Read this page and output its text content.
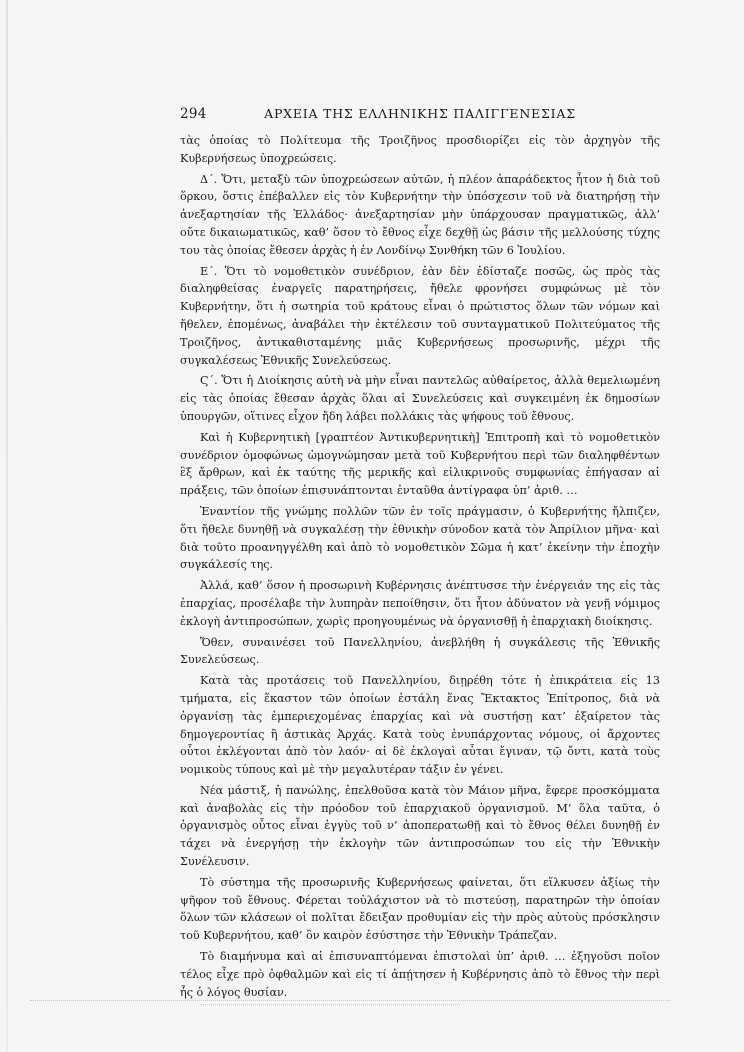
294	ΑΡΧΕΙΑ ΤΗΣ ΕΛΛΗΝΙΚΗΣ ΠΑΛΙΓΓΕΝΕΣΙΑΣ

τὰς ὁποίας τὸ Πολίτευμα τῆς Τροιζῆνος προσδιορίζει εἰς τὸν ἀρχηγὸν τῆς Κυβερνήσεως ὑποχρεώσεις.

Δ΄. Ὅτι, μεταξὺ τῶν ὑποχρεώσεων αὐτῶν, ἡ πλέον ἀπαράδεκτος ἦτον ἡ διὰ τοῦ ὅρκου, ὅστις ἐπέβαλλεν εἰς τὸν Κυβερνήτην τὴν ὑπόσχεσιν τοῦ νὰ διατηρήσῃ τὴν ἀνεξαρτησίαν τῆς Ἑλλάδος· ἀνεξαρτησίαν μὴν ὑπάρχουσαν πραγματικῶς, ἀλλ’ οὔτε δικαιωματικῶς, καθ’ ὅσον τὸ ἔθνος εἶχε δεχθῇ ὡς βάσιν τῆς μελλούσης τύχης του τὰς ὁποίας ἔθεσεν ἀρχὰς ἡ ἐν Λονδίνῳ Συνθήκη τῶν 6 Ἰουλίου.

Ε΄. Ὅτι τὸ νομοθετικὸν συνέδριον, ἐὰν δὲν ἐδίσταζε ποσῶς, ὡς πρὸς τὰς διαληφθείσας ἐναργεῖς παρατηρήσεις, ἤθελε φρονήσει συμφώνως μὲ τὸν Κυβερνήτην, ὅτι ἡ σωτηρία τοῦ κράτους εἶναι ὁ πρώτιστος ὅλων τῶν νόμων καὶ ἤθελεν, ἐπομένως, ἀναβάλει τὴν ἐκτέλεσιν τοῦ συνταγματικοῦ Πολιτεύματος τῆς Τροιζῆνος, ἀντικαθισταμένης μιᾶς Κυβερνήσεως προσωρινῆς, μέχρι τῆς συγκαλέσεως Ἐθνικῆς Συνελεύσεως.

Ϛ΄. Ὅτι ἡ Διοίκησις αὐτὴ νὰ μὴν εἶναι παντελῶς αὐθαίρετος, ἀλλὰ θεμελιωμένη εἰς τὰς ὁποίας ἔθεσαν ἀρχὰς ὅλαι αἱ Συνελεύσεις καὶ συγκειμένη ἐκ δημοσίων ὑπουργῶν, οἵτινες εἶχον ἤδη λάβει πολλάκις τὰς ψήφους τοῦ ἔθνους.

Καὶ ἡ Κυβερνητικὴ [γραπτέον Ἀντικυβερνητικὴ] Ἐπιτροπὴ καὶ τὸ νομοθετικὸν συνέδριον ὁμοφώνως ὡμογνώμησαν μετὰ τοῦ Κυβερνήτου περὶ τῶν διαληφθέντων ἓξ ἄρθρων, καὶ ἐκ ταύτης τῆς μερικῆς καὶ εἰλικρινοῦς συμφωνίας ἐπήγασαν αἱ πράξεις, τῶν ὁποίων ἐπισυνάπτονται ἐνταῦθα ἀντίγραφα ὑπ’ ἀριθ. …

Ἐναντίον τῆς γνώμης πολλῶν τῶν ἐν τοῖς πράγμασιν, ὁ Κυβερνήτης ἤλπιζεν, ὅτι ἤθελε δυνηθῇ νὰ συγκαλέσῃ τὴν ἐθνικὴν σύνοδον κατὰ τὸν Ἀπρίλιον μῆνα· καὶ διὰ τοῦτο προανηγγέλθη καὶ ἀπὸ τὸ νομοθετικὸν Σῶμα ἡ κατ’ ἐκείνην τὴν ἐποχὴν συγκάλεσίς της.

Ἀλλά, καθ’ ὅσον ἡ προσωρινὴ Κυβέρνησις ἀνέπτυσσε τὴν ἐνέργειάν της εἰς τὰς ἐπαρχίας, προσέλαβε τὴν λυπηρὰν πεποίθησιν, ὅτι ἦτον ἀδύνατον νὰ γενῇ νόμιμος ἐκλογὴ ἀντιπροσώπων, χωρὶς προηγουμένως νὰ ὀργανισθῇ ἡ ἐπαρχιακὴ διοίκησις.

Ὅθεν, συναινέσει τοῦ Πανελληνίου, ἀνεβλήθη ἡ συγκάλεσις τῆς Ἐθνικῆς Συνελεύσεως.

Κατὰ τὰς προτάσεις τοῦ Πανελληνίου, διῃρέθη τότε ἡ ἐπικράτεια εἰς 13 τμήματα, εἰς ἕκαστον τῶν ὁποίων ἐστάλη ἕνας Ἔκτακτος Ἐπίτροπος, διὰ νὰ ὀργανίσῃ τὰς ἐμπεριεχομένας ἐπαρχίας καὶ νὰ συστήσῃ κατ’ ἐξαίρετον τὰς δημογεροντίας ἢ ἀστικὰς Ἀρχάς. Κατὰ τοὺς ἐνυπάρχοντας νόμους, οἱ ἄρχοντες οὗτοι ἐκλέγονται ἀπὸ τὸν λαόν· αἱ δὲ ἐκλογαὶ αὗται ἔγιναν, τῷ ὄντι, κατὰ τοὺς νομικοὺς τύπους καὶ μὲ τὴν μεγαλυτέραν τάξιν ἐν γένει.

Νέα μάστιξ, ἡ πανώλης, ἐπελθοῦσα κατὰ τὸν Μάιον μῆνα, ἔφερε προσκόμματα καὶ ἀναβολὰς εἰς τὴν πρόοδον τοῦ ἐπαρχιακοῦ ὀργανισμοῦ. Μ’ ὅλα ταῦτα, ὁ ὀργανισμὸς οὗτος εἶναι ἐγγὺς τοῦ ν’ ἀποπερατωθῇ καὶ τὸ ἔθνος θέλει δυνηθῇ ἐν τάχει νὰ ἐνεργήσῃ τὴν ἐκλογὴν τῶν ἀντιπροσώπων του εἰς τὴν Ἐθνικὴν Συνέλευσιν.

Τὸ σύστημα τῆς προσωρινῆς Κυβερνήσεως φαίνεται, ὅτι εἵλκυσεν ἀξίως τὴν ψῆφον τοῦ ἔθνους. Φέρεται τοὐλάχιστον νὰ τὸ πιστεύσῃ, παρατηρῶν τὴν ὁποίαν ὅλων τῶν κλάσεων οἱ πολῖται ἔδειξαν προθυμίαν εἰς τὴν πρὸς αὐτοὺς πρόσκλησιν τοῦ Κυβερνήτου, καθ’ ὃν καιρὸν ἐσύστησε τὴν Ἐθνικὴν Τράπεζαν.

Τὸ διαμήνυμα καὶ αἱ ἐπισυναπτόμεναι ἐπιστολαὶ ὑπ’ ἀριθ. … ἐξηγοῦσι ποῖον τέλος εἶχε πρὸ ὀφθαλμῶν καὶ εἰς τί ἀπῄτησεν ἡ Κυβέρνησις ἀπὸ τὸ ἔθνος τὴν περὶ ἧς ὁ λόγος θυσίαν.
